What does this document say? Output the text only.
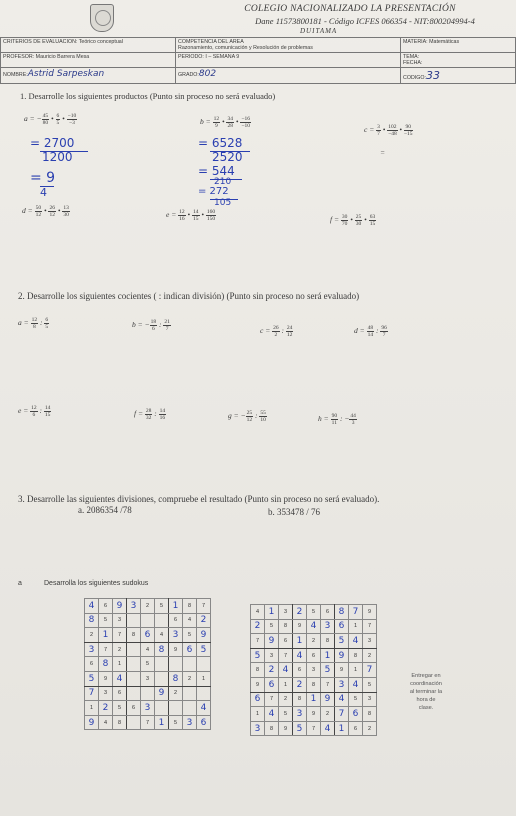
COLEGIO NACIONALIZADO LA PRESENTACIÓN
Dane 11573800181 - Código ICFES 066354 - NIT:800204994-4
DUITAMA
CRITERIOS DE EVALUACION: Teórico conceptual	COMPETENCIA DEL AREA
Razonamiento, comunicación y Resolución de problemas	MATERIA: Matemáticas
PROFESOR: Mauricio Barrera Mesa	PERIODO: I – SEMANA 9	TEMA:
FECHA:

NOMBRE:Astrid Sarpeskan	GRADO:802	CODIGO:33
1. Desarrolle los siguientes productos (Punto sin proceso no será evaluado)
a = − $\frac{45}{80}$ • $\frac{6}{5}$ • $\frac{-10}{-3}$	$b = \frac{12}{9}$ • $\frac{34}{28}$ • $\frac{-16}{-10}$
$c = \frac{3}{7}$ • $\frac{102}{-48}$ • $\frac{90}{-15}$
= 2700
1200
= 9
4
= 6528
2520
= 544
210
= 272
105
=
$d = \frac{50}{12}$ • $\frac{26}{12}$ • $\frac{13}{30}$	$e = \frac{12}{16}$ • $\frac{14}{15}$ • $\frac{160}{150}$	$f = \frac{30}{70}$ • $\frac{25}{30}$ • $\frac{63}{15}$
2. Desarrolle los siguientes cocientes ( : indican división) (Punto sin proceso no será evaluado)
$a = \frac{12}{8}$ : $\frac{6}{5}$	b = − $\frac{18}{6}$ : $\frac{21}{7}$	$c = \frac{26}{2}$ : $\frac{24}{12}$	$d = \frac{48}{14}$ : $\frac{96}{7}$
$e = \frac{12}{6}$ : $\frac{14}{15}$	$f = \frac{28}{32}$ : $\frac{14}{16}$	g = − $\frac{25}{12}$ : $\frac{55}{10}$	$h = \frac{90}{11}$ : − $\frac{44}{3}$
3. Desarrolle las siguientes divisiones, compruebe el resultado (Punto sin proceso no será evaluado).
a. 2086354 /78	b. 353478 / 76
a	Desarrolla los siguientes sudokus
4	6	9	3	2	5	1	8	7
8	5	3				6	4	2
2	1	7	8	6	4	3	5	9
3	7	2		4	8	9	6	5
6	8	1		5				
5	9	4		3		8	2	1
7	3	6			9	2		
1	2	5	6	3				4
9	4	8		7	1	5	3	6
4	1	3	2	5	6	8	7	9
2	5	8	9	4	3	6	1	7
7	9	6	1	2	8	5	4	3
5	3	7	4	6	1	9	8	2
8	2	4	6	3	5	9	1	7
9	6	1	2	8	7	3	4	5
6	7	2	8	1	9	4	5	3
1	4	5	3	9	2	7	6	8
3	8	9	5	7	4	1	6	2
Entregar en
coordinación
al terminar la
hora de
clase.
